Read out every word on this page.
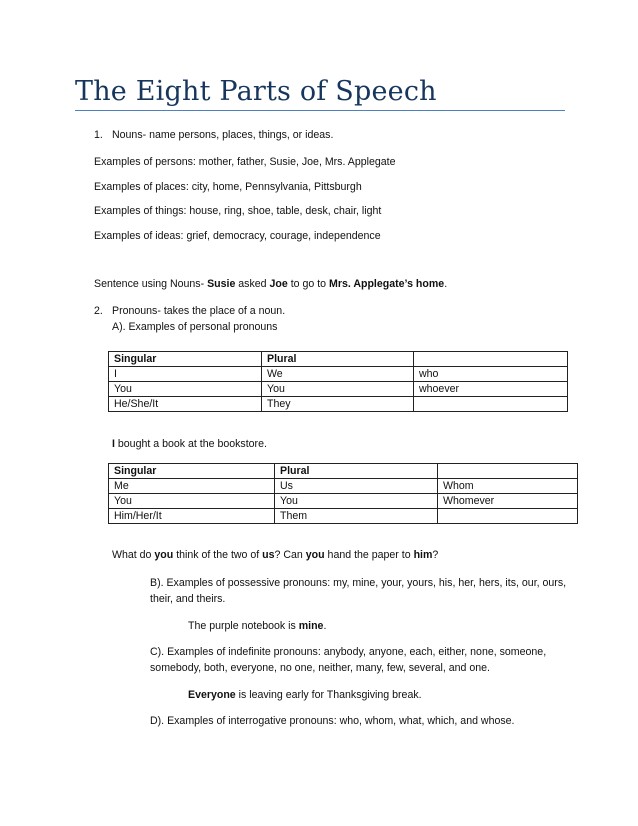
The Eight Parts of Speech
1. Nouns- name persons, places, things, or ideas.
Examples of persons: mother, father, Susie, Joe, Mrs. Applegate
Examples of places: city, home, Pennsylvania, Pittsburgh
Examples of things: house, ring, shoe, table, desk, chair, light
Examples of ideas: grief, democracy, courage, independence
Sentence using Nouns- Susie asked Joe to go to Mrs. Applegate’s home.
2. Pronouns- takes the place of a noun.
A). Examples of personal pronouns
Singular	Plural	
I	We	who
You	You	whoever
He/She/It	They	
I bought a book at the bookstore.
Singular	Plural	
Me	Us	Whom
You	You	Whomever
Him/Her/It	Them	
What do you think of the two of us? Can you hand the paper to him?
B). Examples of possessive pronouns: my, mine, your, yours, his, her, hers, its, our, ours,
their, and theirs.
The purple notebook is mine.
C). Examples of indefinite pronouns: anybody, anyone, each, either, none, someone,
somebody, both, everyone, no one, neither, many, few, several, and one.
Everyone is leaving early for Thanksgiving break.
D). Examples of interrogative pronouns: who, whom, what, which, and whose.
